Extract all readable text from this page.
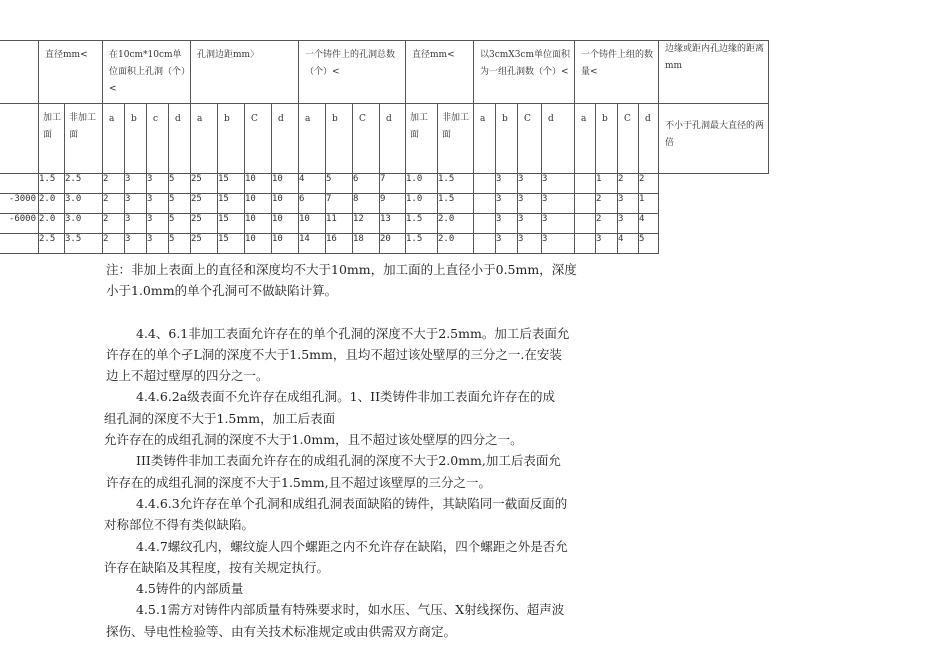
	直径mm<		在10cm*10cm单位面积上孔洞（个）<				孔洞边距mm〉				一个铸件上的孔洞总数（个）<				直径mm<		以3cmX3cm单位面积为一组孔洞数（个）<				一个铸件上组的数量<				边缘或距内孔边缘的距离mm

	加工面	非加工面	a	b	c	d	a	b	C	d	a	b	C	d	加工面	非加工面	a	b	C	d	a	b	C	d	不小于孔洞最大直径的两倍

	1.5	2.5	2	3	3	5	25	15	10	10	4	5	6	7	1.0	1.5		3	3	3		1	2	2	
-3000	2.0	3.0	2	3	3	5	25	15	10	10	6	7	8	9	1.0	1.5		3	3	3		2	3	1	
-6000	2.0	3.0	2	3	3	5	25	15	10	10	10	11	12	13	1.5	2.0		3	3	3		2	3	4	
	2.5	3.5	2	3	3	5	25	15	10	10	14	16	18	20	1.5	2.0		3	3	3		3	4	5	

注：非加上表面上的直径和深度均不大于10mm，加工面的上直径小于0.5mm，深度

小于1.0mm的单个孔洞可不做缺陷计算。

4.4、6.1非加工表面允许存在的单个孔洞的深度不大于2.5mm。加工后表面允

许存在的单个孑L洞的深度不大于1.5mm，且均不超过该处壁厚的三分之一.在安装

边上不超过壁厚的四分之一。

4.4.6.2a级表面不允许存在成组孔洞。1、II类铸件非加工表面允许存在的成

组孔洞的深度不大于1.5mm，加工后表面

允许存在的成组孔洞的深度不大于1.0mm，且不超过该处壁厚的四分之一。

III类铸件非加工表面允许存在的成组孔洞的深度不大于2.0mm,加工后表面允

许存在的成组孔洞的深度不大于1.5mm,且不超过该壁厚的三分之一。

4.4.6.3允许存在单个孔洞和成组孔洞表面缺陷的铸件，其缺陷同一截面反面的

对称部位不得有类似缺陷。

4.4.7螺纹孔内，螺纹旋人四个螺距之内不允许存在缺陷，四个螺距之外是否允

许存在缺陷及其程度，按有关规定执行。

4.5铸件的内部质量

4.5.1需方对铸件内部质量有特殊要求时，如水压、气压、X射线探伤、超声波

探伤、导电性检验等、由有关技术标准规定或由供需双方商定。
